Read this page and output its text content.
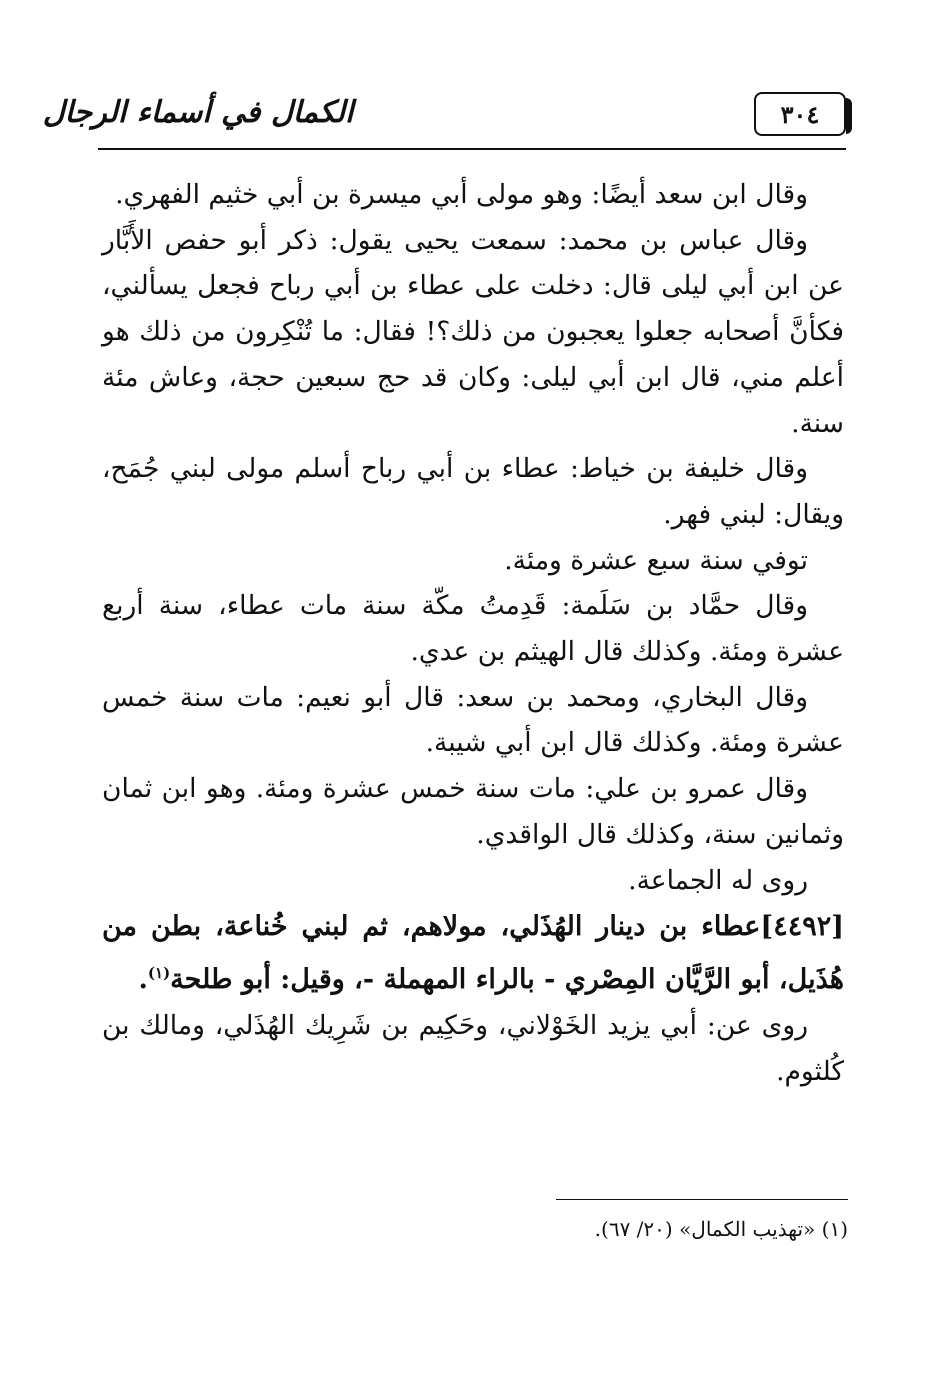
الكمال في أسماء الرجال	٣٠٤

وقال ابن سعد أيضًا: وهو مولى أبي ميسرة بن أبي خثيم الفهري.

وقال عباس بن محمد: سمعت يحيى يقول: ذكر أبو حفص الأَبَّار عن ابن أبي ليلى قال: دخلت على عطاء بن أبي رباح فجعل يسألني، فكأنَّ أصحابه جعلوا يعجبون من ذلك؟! فقال: ما تُنْكِرون من ذلك هو أعلم مني، قال ابن أبي ليلى: وكان قد حج سبعين حجة، وعاش مئة سنة.

وقال خليفة بن خياط: عطاء بن أبي رباح أسلم مولى لبني جُمَح، ويقال: لبني فهر.

توفي سنة سبع عشرة ومئة.

وقال حمَّاد بن سَلَمة: قَدِمتُ مكّة سنة مات عطاء، سنة أربع عشرة ومئة. وكذلك قال الهيثم بن عدي.

وقال البخاري، ومحمد بن سعد: قال أبو نعيم: مات سنة خمس عشرة ومئة. وكذلك قال ابن أبي شيبة.

وقال عمرو بن علي: مات سنة خمس عشرة ومئة. وهو ابن ثمان وثمانين سنة، وكذلك قال الواقدي.

روى له الجماعة.

[٤٤٩٢]عطاء بن دينار الهُذَلي، مولاهم، ثم لبني خُناعة، بطن من هُذَيل، أبو الرَّيَّان المِصْري - بالراء المهملة -، وقيل: أبو طلحة$^{(١)}$.

روى عن: أبي يزيد الخَوْلاني، وحَكِيم بن شَرِيك الهُذَلي، ومالك بن كُلثوم.

(١) «تهذيب الكمال» (٢٠/ ٦٧).
